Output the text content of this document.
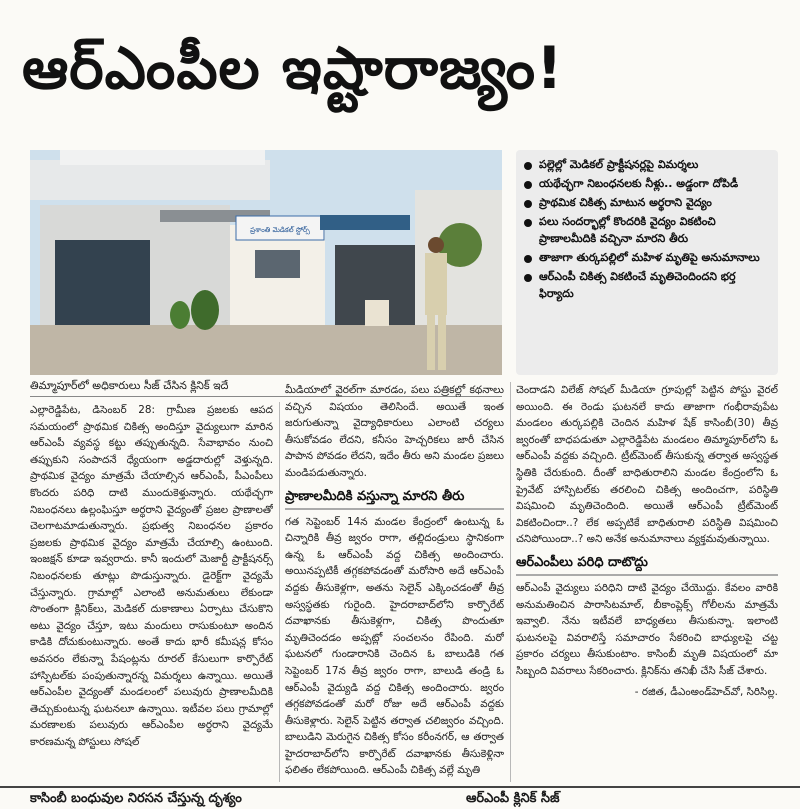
ఆర్‌ఎంపీల ఇష్టారాజ్యం!
ప్రశాంతి మెడికల్ స్టోర్స్
తిమ్మాపూర్‌లో అధికారులు సీజ్ చేసిన క్లినిక్ ఇదే
పల్లెల్లో మెడికల్ ప్రాక్టీషనర్లపై విమర్శలు
యథేచ్ఛగా నిబంధనలకు నీళ్లు.. అడ్డంగా దోపిడీ
ప్రాథమిక చికిత్స మాటున అర్థరాని వైద్యం
పలు సందర్భాల్లో కొందరికి వైద్యం వికటించి ప్రాణాలమీదికి వచ్చినా మారని తీరు
తాజాగా తుర్కపల్లిలో మహిళ మృతిపై అనుమానాలు
ఆర్‌ఎంపీ చికిత్స వికటించే మృతిచెందిందని భర్త ఫిర్యాదు

ఎల్లారెడ్డిపేట, డిసెంబర్ 28: గ్రామీణ ప్రజలకు ఆపద సమయంలో ప్రాథమిక చికిత్స అందిస్తూ వైద్యులుగా మారిన ఆర్‌ఎంపీ వ్యవస్థ కట్టు తప్పుతున్నది. సేవాభావం నుంచి తప్పుకుని సంపాదనే ధ్యేయంగా అడ్డదారుల్లో వెళ్తున్నది. ప్రాథమిక వైద్యం మాత్రమే చేయాల్సిన ఆర్‌ఎంపీ, పీఎంపీలు కొందరు పరిధి దాటి ముందుకెళ్తున్నారు. యథేచ్ఛగా నిబంధనలు ఉల్లంఘిస్తూ అర్థరాని వైద్యంతో ప్రజల ప్రాణాలతో చెలగాటమాడుతున్నారు. ప్రభుత్వ నిబంధనల ప్రకారం ప్రజలకు ప్రాథమిక వైద్యం మాత్రమే చేయాల్సి ఉంటుంది. ఇంజక్షన్ కూడా ఇవ్వరాదు. కానీ ఇందులో మెజార్టీ ప్రాక్టీషనర్స్ నిబంధనలకు తూట్లు పొడుస్తున్నారు. డైరెక్ట్‌గా వైద్యమే చేస్తున్నారు. గ్రామాల్లో ఎలాంటి అనుమతులు లేకుండా సొంతంగా క్లినిక్‌లు, మెడికల్ దుకాణాలు ఏర్పాటు చేసుకొని అటు వైద్యం చేస్తూ, ఇటు మందులు రాసుకుంటూ అందిన కాడికి దోచుకుంటున్నారు. అంతే కాదు భారీ కమీషన్ల కోసం అవసరం లేకున్నా పేషంట్లను రూరల్ కేసులుగా కార్పొరేట్ హాస్పిటల్‌కు పంపుతున్నారన్న విమర్శలు ఉన్నాయి. అయితే ఆర్‌ఎంపీల వైద్యంతో మండలంలో పలువురు ప్రాణాలమీదికి తెచ్చుకుంటున్న ఘటనలూ ఉన్నాయి. ఇటీవల పలు గ్రామాల్లో మరణాలకు పలువురు ఆర్‌ఎంపీల అర్థరాని వైద్యమే కారణమన్న పోస్టులు సోషల్

మీడియాలో వైరల్‌గా మారడం, పలు పత్రికల్లో కథనాలు వచ్చిన విషయం తెలిసిందే. అయితే ఇంత జరుగుతున్నా వైద్యాధికారులు ఎలాంటి చర్యలు తీసుకోవడం లేదని, కనీసం హెచ్చరికలు జారీ చేసిన పాపాన పోవడం లేదని, ఇదేం తీరు అని మండల ప్రజలు మండిపడుతున్నారు.

ప్రాణాలమీదికి వస్తున్నా మారని తీరు

గత సెప్టెంబర్ 14న మండల కేంద్రంలో ఉంటున్న ఓ చిన్నారికి తీవ్ర జ్వరం రాగా, తల్లిదండ్రులు స్థానికంగా ఉన్న ఓ ఆర్‌ఎంపీ వద్ద చికిత్స అందించారు. అయినప్పటికీ తగ్గకపోవడంతో మరోసారి అదే ఆర్‌ఎంపీ వద్దకు తీసుకెళ్లగా, అతను సెలైన్ ఎక్కించడంతో తీవ్ర అస్వస్థతకు గురైంది. హైదరాబాద్‌లోని కార్పొరేట్ దవాఖానకు తీసుకెళ్లగా, చికిత్స పొందుతూ మృతిచెందడం అప్పట్లో సంచలనం రేపింది. మరో ఘటనలో గుండారానికి చెందిన ఓ బాలుడికి గత సెప్టెంబర్ 17న తీవ్ర జ్వరం రాగా, బాలుడి తండ్రి ఓ ఆర్‌ఎంపీ వైద్యుడి వద్ద చికిత్స అందించారు. జ్వరం తగ్గకపోవడంతో మరో రోజు అదే ఆర్‌ఎంపీ వద్దకు తీసుకెళ్లారు. సెలైన్ పెట్టిన తర్వాత చలిజ్వరం వచ్చింది. బాలుడిని మెరుగైన చికిత్స కోసం కరీంనగర్, ఆ తర్వాత హైదరాబాద్‌లోని కార్పొరేట్ దవాఖానకు తీసుకెళ్లినా ఫలితం లేకపోయింది. ఆర్‌ఎంపీ చికిత్స వల్లే మృతి

చెందాడని విలేజ్ సోషల్ మీడియా గ్రూపుల్లో పెట్టిన పోస్టు వైరల్ అయింది. ఈ రెండు ఘటనలే కాదు తాజాగా గంభీరావుపేట మండలం తుర్కపల్లికి చెందిన మహిళ షేక్ కాసింబీ(30) తీవ్ర జ్వరంతో బాధపడుతూ ఎల్లారెడ్డిపేట మండలం తిమ్మాపూర్‌లోని ఓ ఆర్‌ఎంపీ వద్దకు వచ్చింది. ట్రీట్‌మెంట్ తీసుకున్న తర్వాత అస్వస్థత స్థితికి చేరుకుంది. దీంతో బాధితురాలిని మండల కేంద్రంలోని ఓ ప్రైవేట్ హాస్పిటల్‌కు తరలించి చికిత్స అందించగా, పరిస్థితి విషమించి మృతిచెందింది. అయితే ఆర్‌ఎంపీ ట్రీట్‌మెంట్ వికటించిందా..? లేక అప్పటికే బాధితురాలి పరిస్థితి విషమించి చనిపోయిందా..? అని అనేక అనుమానాలు వ్యక్తమవుతున్నాయి.

ఆర్‌ఎంపీలు పరిధి దాటొద్దు

ఆర్‌ఎంపీ వైద్యులు పరిధిని దాటి వైద్యం చేయొద్దు. కేవలం వారికి అనుమతించిన పారాసిటమాల్, బీకాంప్లెక్స్ గోలీలను మాత్రమే ఇవ్వాలి. నేను ఇటీవలే బాధ్యతలు తీసుకున్నా. ఇలాంటి ఘటనలపై వివరాలిస్తే సమాచారం సేకరించి బాధ్యులపై చట్ట ప్రకారం చర్యలు తీసుకుంటాం. కాసింబీ మృతి విషయంలో మా సిబ్బంది వివరాలు సేకరించారు. క్లినిక్‌ను తనిఖీ చేసి సీజ్ చేశారు.

- రజిత, డీఎంఅండ్‌హెచ్‌వో, సిరిసిల్ల.
కాసింబీ బంధువుల నిరసన చేస్తున్న దృశ్యం	ఆర్‌ఎంపీ క్లినిక్ సీజ్
